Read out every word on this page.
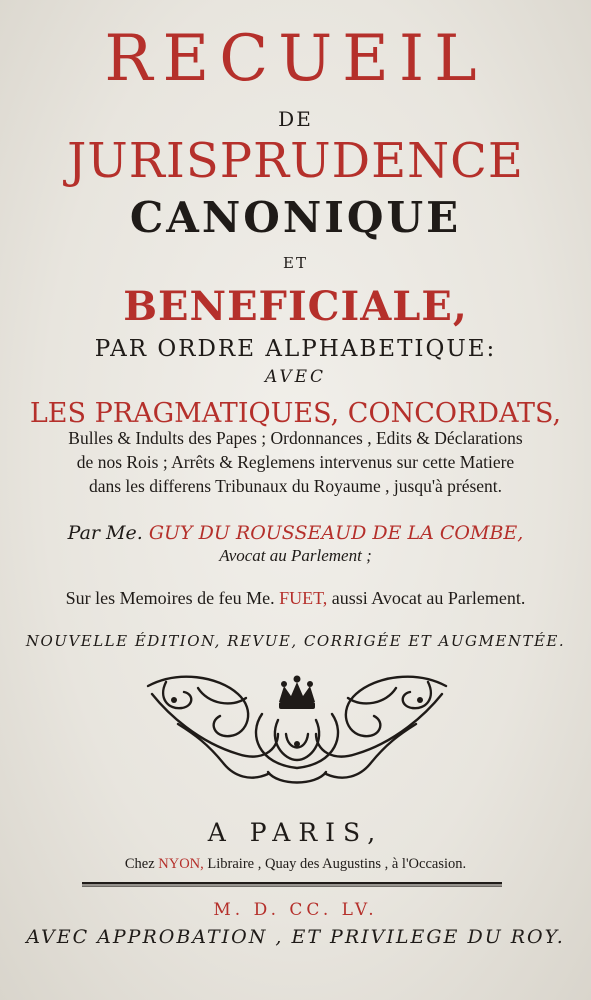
RECUEIL
DE
JURISPRUDENCE
CANONIQUE
ET
BENEFICIALE,
PAR ORDRE ALPHABETIQUE:
AVEC
LES PRAGMATIQUES, CONCORDATS,
Bulles & Indults des Papes ; Ordonnances , Edits & Déclarations
de nos Rois ; Arrêts & Reglemens intervenus sur cette Matiere
dans les differens Tribunaux du Royaume , jusqu'à présent.
Par Me. GUY DU ROUSSEAUD DE LA COMBE,
Avocat au Parlement ;
Sur les Memoires de feu Me. FUET, aussi Avocat au Parlement.
NOUVELLE ÉDITION, REVUE, CORRIGÉE ET AUGMENTÉE.
A PARIS,
Chez NYON, Libraire , Quay des Augustins , à l'Occasion.
M. D. CC. LV.
AVEC APPROBATION , ET PRIVILEGE DU ROY.
